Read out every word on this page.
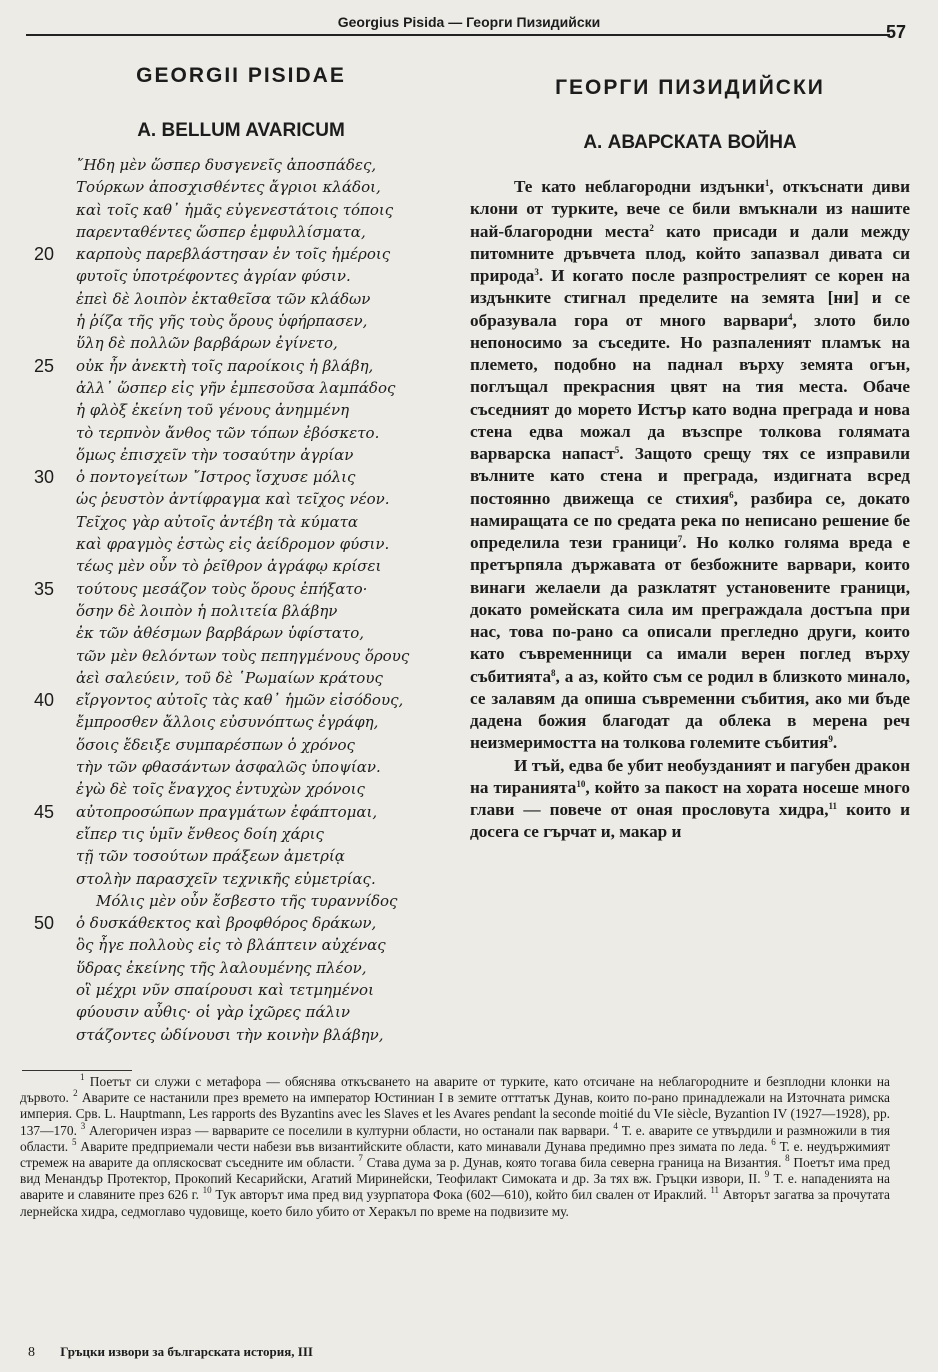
Georgius Pisida — Георги Пизидийски	57
GEORGII PISIDAE
A. BELLUM AVARICUM
῎Ηδη μὲν ὥσπερ δυσγενεῖς ἀποσπάδες,
Τούρκων ἀποσχισθέντες ἄγριοι κλάδοι,
καὶ τοῖς καθ᾿ ἡμᾶς εὐγενεστάτοις τόποις
παρενταθέντες ὥσπερ ἐμφυλλίσματα,
20 καρποὺς παρεβλάστησαν ἐν τοῖς ἡμέροις
φυτοῖς ὑποτρέφοντες ἀγρίαν φύσιν.
ἐπεὶ δὲ λοιπὸν ἐκταθεῖσα τῶν κλάδων
ἡ ῥίζα τῆς γῆς τοὺς ὅρους ὑφήρπασεν,
ὕλη δὲ πολλῶν βαρβάρων ἐγίνετο,
25 οὐκ ἦν ἀνεκτὴ τοῖς παροίκοις ἡ βλάβη,
ἀλλ᾿ ὥσπερ εἰς γῆν ἐμπεσοῦσα λαμπάδος
ἡ φλὸξ ἐκείνη τοῦ γένους ἀνημμένη
τὸ τερπνὸν ἄνθος τῶν τόπων ἐβόσκετο.
ὅμως ἐπισχεῖν τὴν τοσαύτην ἀγρίαν
30 ὁ ποντογείτων ῎Ιστρος ἴσχυσε μόλις
ὡς ῥευστὸν ἀντίφραγμα καὶ τεῖχος νέον.
Τεῖχος γὰρ αὐτοῖς ἀντέβη τὰ κύματα
καὶ φραγμὸς ἐστὼς εἰς ἀείδρομον φύσιν.
τέως μὲν οὖν τὸ ῥεῖθρον ἀγράφῳ κρίσει
35 τούτους μεσάζον τοὺς ὅρους ἐπήξατο·
ὅσην δὲ λοιπὸν ἡ πολιτεία βλάβην
ἐκ τῶν ἀθέσμων βαρβάρων ὑφίστατο,
τῶν μὲν θελόντων τοὺς πεπηγμένους ὅρους
ἀεὶ σαλεύειν, τοῦ δὲ ῾Ρωμαίων κράτους
40 εἴργοντος αὐτοῖς τὰς καθ᾿ ἡμῶν εἰσόδους,
ἔμπροσθεν ἄλλοις εὐσυνόπτως ἐγράφη,
ὅσοις ἔδειξε συμπαρέσπων ὁ χρόνος
τὴν τῶν φθασάντων ἀσφαλῶς ὑποψίαν.
ἐγὼ δὲ τοῖς ἔναγχος ἐντυχὼν χρόνοις
45 αὐτοπροσώπων πραγμάτων ἐφάπτομαι,
εἴπερ τις ὑμῖν ἔνθεος δοίη χάρις
τῇ τῶν τοσούτων πράξεων ἀμετρίᾳ
στολὴν παρασχεῖν τεχνικῆς εὐμετρίας.
Μόλις μὲν οὖν ἔσβεστο τῆς τυραννίδος
50 ὁ δυσκάθεκτος καὶ βροφθόρος δράκων,
ὃς ἦγε πολλοὺς εἰς τὸ βλάπτειν αὐχένας
ὕδρας ἐκείνης τῆς λαλουμένης πλέον,
οἳ μέχρι νῦν σπαίρουσι καὶ τετμημένοι
φύουσιν αὖθις· οἱ γὰρ ἰχῶρες πάλιν
στάζοντες ὠδίνουσι τὴν κοινὴν βλάβην,
ГЕОРГИ ПИЗИДИЙСКИ
А. АВАРСКАТА ВОЙНА

Те като неблагородни издънки$^1$, откъснати диви клони от турките, вече се били вмъкнали из нашите най-благородни места$^2$ като присади и дали между питомните дръвчета плод, който запазвал дивата си природа$^3$. И когато после разпрострелият се корен на издънките стигнал пределите на земята [ни] и се образувала гора от много варвари$^4$, злото било непоносимо за съседите. Но разпаленият пламък на племето, подобно на паднал върху земята огън, поглъщал прекрасния цвят на тия места. Обаче съседният до морето Истър като водна преграда и нова стена едва можал да възспре толкова голямата варварска напаст$^5$. Защото срещу тях се изправили вълните като стена и преграда, издигната всред постоянно движеща се стихия$^6$, разбира се, докато намиращата се по средата река по неписано решение бе определила тези граници$^7$. Но колко голяма вреда е претърпяла държавата от безбожните варвари, които винаги желаели да разклатят установените граници, докато ромейската сила им преграждала достъпа при нас, това по-рано са описали прегледно други, които като съвременници са имали верен поглед върху събитията$^8$, а аз, който съм се родил в близкото минало, се залавям да опиша съвременни събития, ако ми бъде дадена божия благодат да облека в мерена реч неизмеримостта на толкова големите събития$^9$.

И тъй, едва бе убит необузданият и пагубен дракон на тиранията$^{10}$, който за пакост на хората носеше много глави — повече от оная прословута хидра,$^{11}$ които и досега се гърчат и, макар и

$^1$ Поетът си служи с метафора — обяснява откъсването на аварите от турките, като отсичане на неблагородните и безплодни клонки на дървото. $^2$ Аварите се настанили през времето на император Юстиниан I в земите отттатък Дунав, които по-рано принадлежали на Източната римска империя. Срв. L. Hauptmann, Les rapports des Byzantins avec les Slaves et les Avares pendant la seconde moitié du VIe siècle, Byzantion IV (1927—1928), pp. 137—170. $^3$ Алегоричен израз — варварите се поселили в културни области, но останали пак варвари. $^4$ Т. е. аварите се утвърдили и размножили в тия области. $^5$ Аварите предприемали чести набези във византийските области, като минавали Дунава предимно през зимата по леда. $^6$ Т. е. неудържимият стремеж на аварите да опляскосват съседните им области. $^7$ Става дума за р. Дунав, която тогава била северна граница на Византия. $^8$ Поетът има пред вид Менандър Протектор, Прокопий Кесарийски, Агатий Миринейски, Теофилакт Симоката и др. За тях вж. Гръцки извори, II. $^9$ Т. е. нападенията на аварите и славяните през 626 г. $^{10}$ Тук авторът има пред вид узурпатора Фока (602—610), който бил свален от Ираклий. $^{11}$ Авторът загатва за прочутата лернейска хидра, седмоглаво чудовище, което било убито от Херакъл по време на подвизите му.

8 Гръцки извори за българската история, III
